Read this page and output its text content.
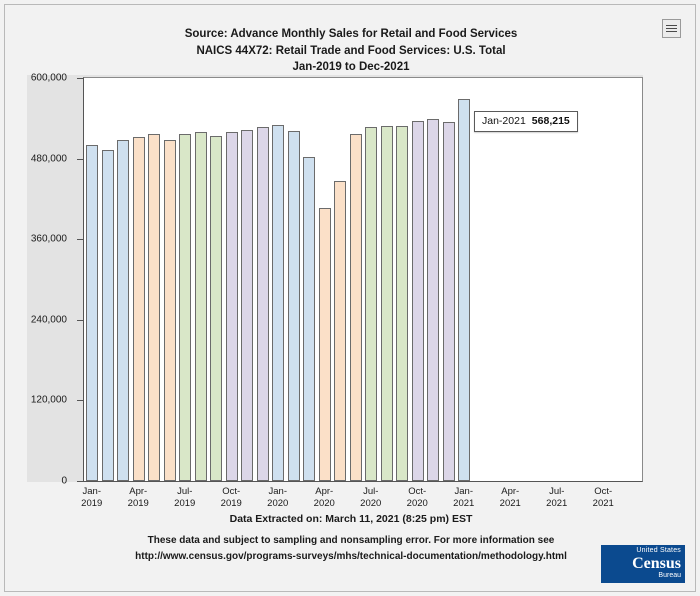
Source: Advance Monthly Sales for Retail and Food Services
NAICS 44X72: Retail Trade and Food Services: U.S. Total
Jan-2019 to Dec-2021
0
120,000
240,000
360,000
480,000
600,000
Jan-
2019
Apr-
2019
Jul-
2019
Oct-
2019
Jan-
2020
Apr-
2020
Jul-
2020
Oct-
2020
Jan-
2021
Apr-
2021
Jul-
2021
Oct-
2021
Jan-2021 568,215
Data Extracted on: March 11, 2021 (8:25 pm) EST
These data and subject to sampling and nonsampling error. For more information see
http://www.census.gov/programs-surveys/mhs/technical-documentation/methodology.html
United States
Census
Bureau
